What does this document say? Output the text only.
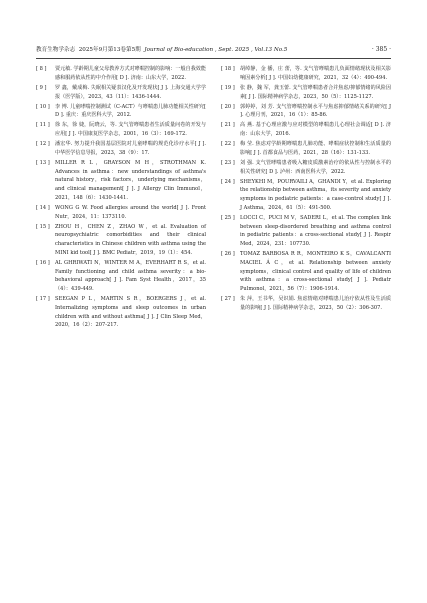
教育生物学杂志 2025年9月第13卷第5期 Journal of Bio-education , Sept. 2025 , Vol.13 No.5	· 385 ·
[ 8 ]	贾元敏. 学龄期儿童父母教养方式对哮喘控制的影响：一般自我效能感和服药依从性的中介作用[ D ]. 济南：山东大学，2022.
[ 9 ]	罗 鑫，戴成梅. 失眠相关疑表汉化及开发现状[ J ]. 上海交通大学学报（医学版），2023，43（11）：1436-1444.
[ 10 ]	李 博. 儿童哮喘控制测试（C-ACT）与哮喘患儿肺功能相关性研究[ D ]. 重庆：重庆医科大学，2012.
[ 11 ]	徐 东，徐 婕，阮晓云，等. 支气管哮喘患者生活质量问卷的开发与应用[ J ]. 中国康复医学杂志，2001，16（3）：169-172.
[ 12 ]	潘宏华. 努力提升我国基层医院对儿童哮喘的规范化诊疗水平[ J ]. 中华医学信息导报，2023，38（9）：17.
[ 13 ]	MILLER R L，GRAYSON M H，STROTHMAN K. Advances in asthma：new understandings of asthma's natural history，risk factors，underlying mechanisms，and clinical management[ J ]. J Allergy Clin Immunol，2021，148（6）：1430-1441.
[ 14 ]	WONG G W. Food allergies around the world[ J ]. Front Nutr，2024，11：1373110.
[ 15 ]	ZHOU H，CHEN Z，ZHAO W，et al. Evaluation of neuropsychiatric comorbidities and their clinical characteristics in Chinese children with asthma using the MINI kid tool[ J ]. BMC Pediatr，2019，19（1）：454.
[ 16 ]	AL GHRIWATI N，WINTER M A，EVERHART R S，et al. Family functioning and child asthma severity：a bio-behavioral approach[ J ]. Fam Syst Health，2017，35（4）：439-449.
[ 17 ]	SEEGAN P L，MARTIN S R，BOERGERS J，et al. Internalizing symptoms and sleep outcomes in urban children with and without asthma[ J ]. J Clin Sleep Med，2020，16（2）：207-217.
[ 18 ]	胡绰静，金 播，庄 蕾，等. 支气管哮喘患儿负面情绪现状及相关影响因素分析[ J ]. 中国妇幼健康研究，2021，32（4）：490-494.
[ 19 ]	张 静，魏 军，龚玉蕾. 支气管哮喘患者合并焦虑/抑郁情绪的风险因素[ J ]. 国际精神病学杂志，2023，50（5）：1125-1127.
[ 20 ]	郭婷婷，刘 芳. 支气管哮喘控制水平与焦虑抑郁情绪关系的研究[ J ]. 心理月刊，2021，16（1）：85-86.
[ 21 ]	高 燕. 基于心理应激与应对模型的哮喘患儿心理社会调适[ D ]. 济南：山东大学，2016.
[ 22 ]	梅 莹. 焦虑对学龄期哮喘患儿肺功能、哮喘症状控制和生活质量的影响[ J ]. 首都食品与医药，2021，28（16）：131-133.
[ 23 ]	刘 强. 支气管哮喘患者吸入糖皮质激素治疗的依从性与控制水平的相关性研究[ D ]. 泸州：西南医科大学，2022.
[ 24 ]	SHEYKHI M，POURVAILI A，GHANDI Y，et al. Exploring the relationship between asthma，its severity and anxiety symptoms in pediatric patients：a case-control study[ J ]. J Asthma，2024，61（5）：491-500.
[ 25 ]	LOCCI C，PUCI M V，SADERI L，et al. The complex link between sleep-disordered breathing and asthma control in pediatric patients：a cross-sectional study[ J ]. Respir Med，2024，231：107730.
[ 26 ]	TOMAZ BARBOSA R R，MONTEIRO K S，CAVALCANTI MACIEL Á C，et al. Relationship between anxiety symptoms，clinical control and quality of life of children with asthma：a cross-sectional study[ J ]. Pediatr Pulmonol，2021，56（7）：1906-1914.
[ 27 ]	朱 萍，王书华，吴识娟. 焦虑情绪对哮喘患儿治疗依从性及生活质量的影响[ J ]. 国际精神病学杂志，2023，50（2）：306-307.
